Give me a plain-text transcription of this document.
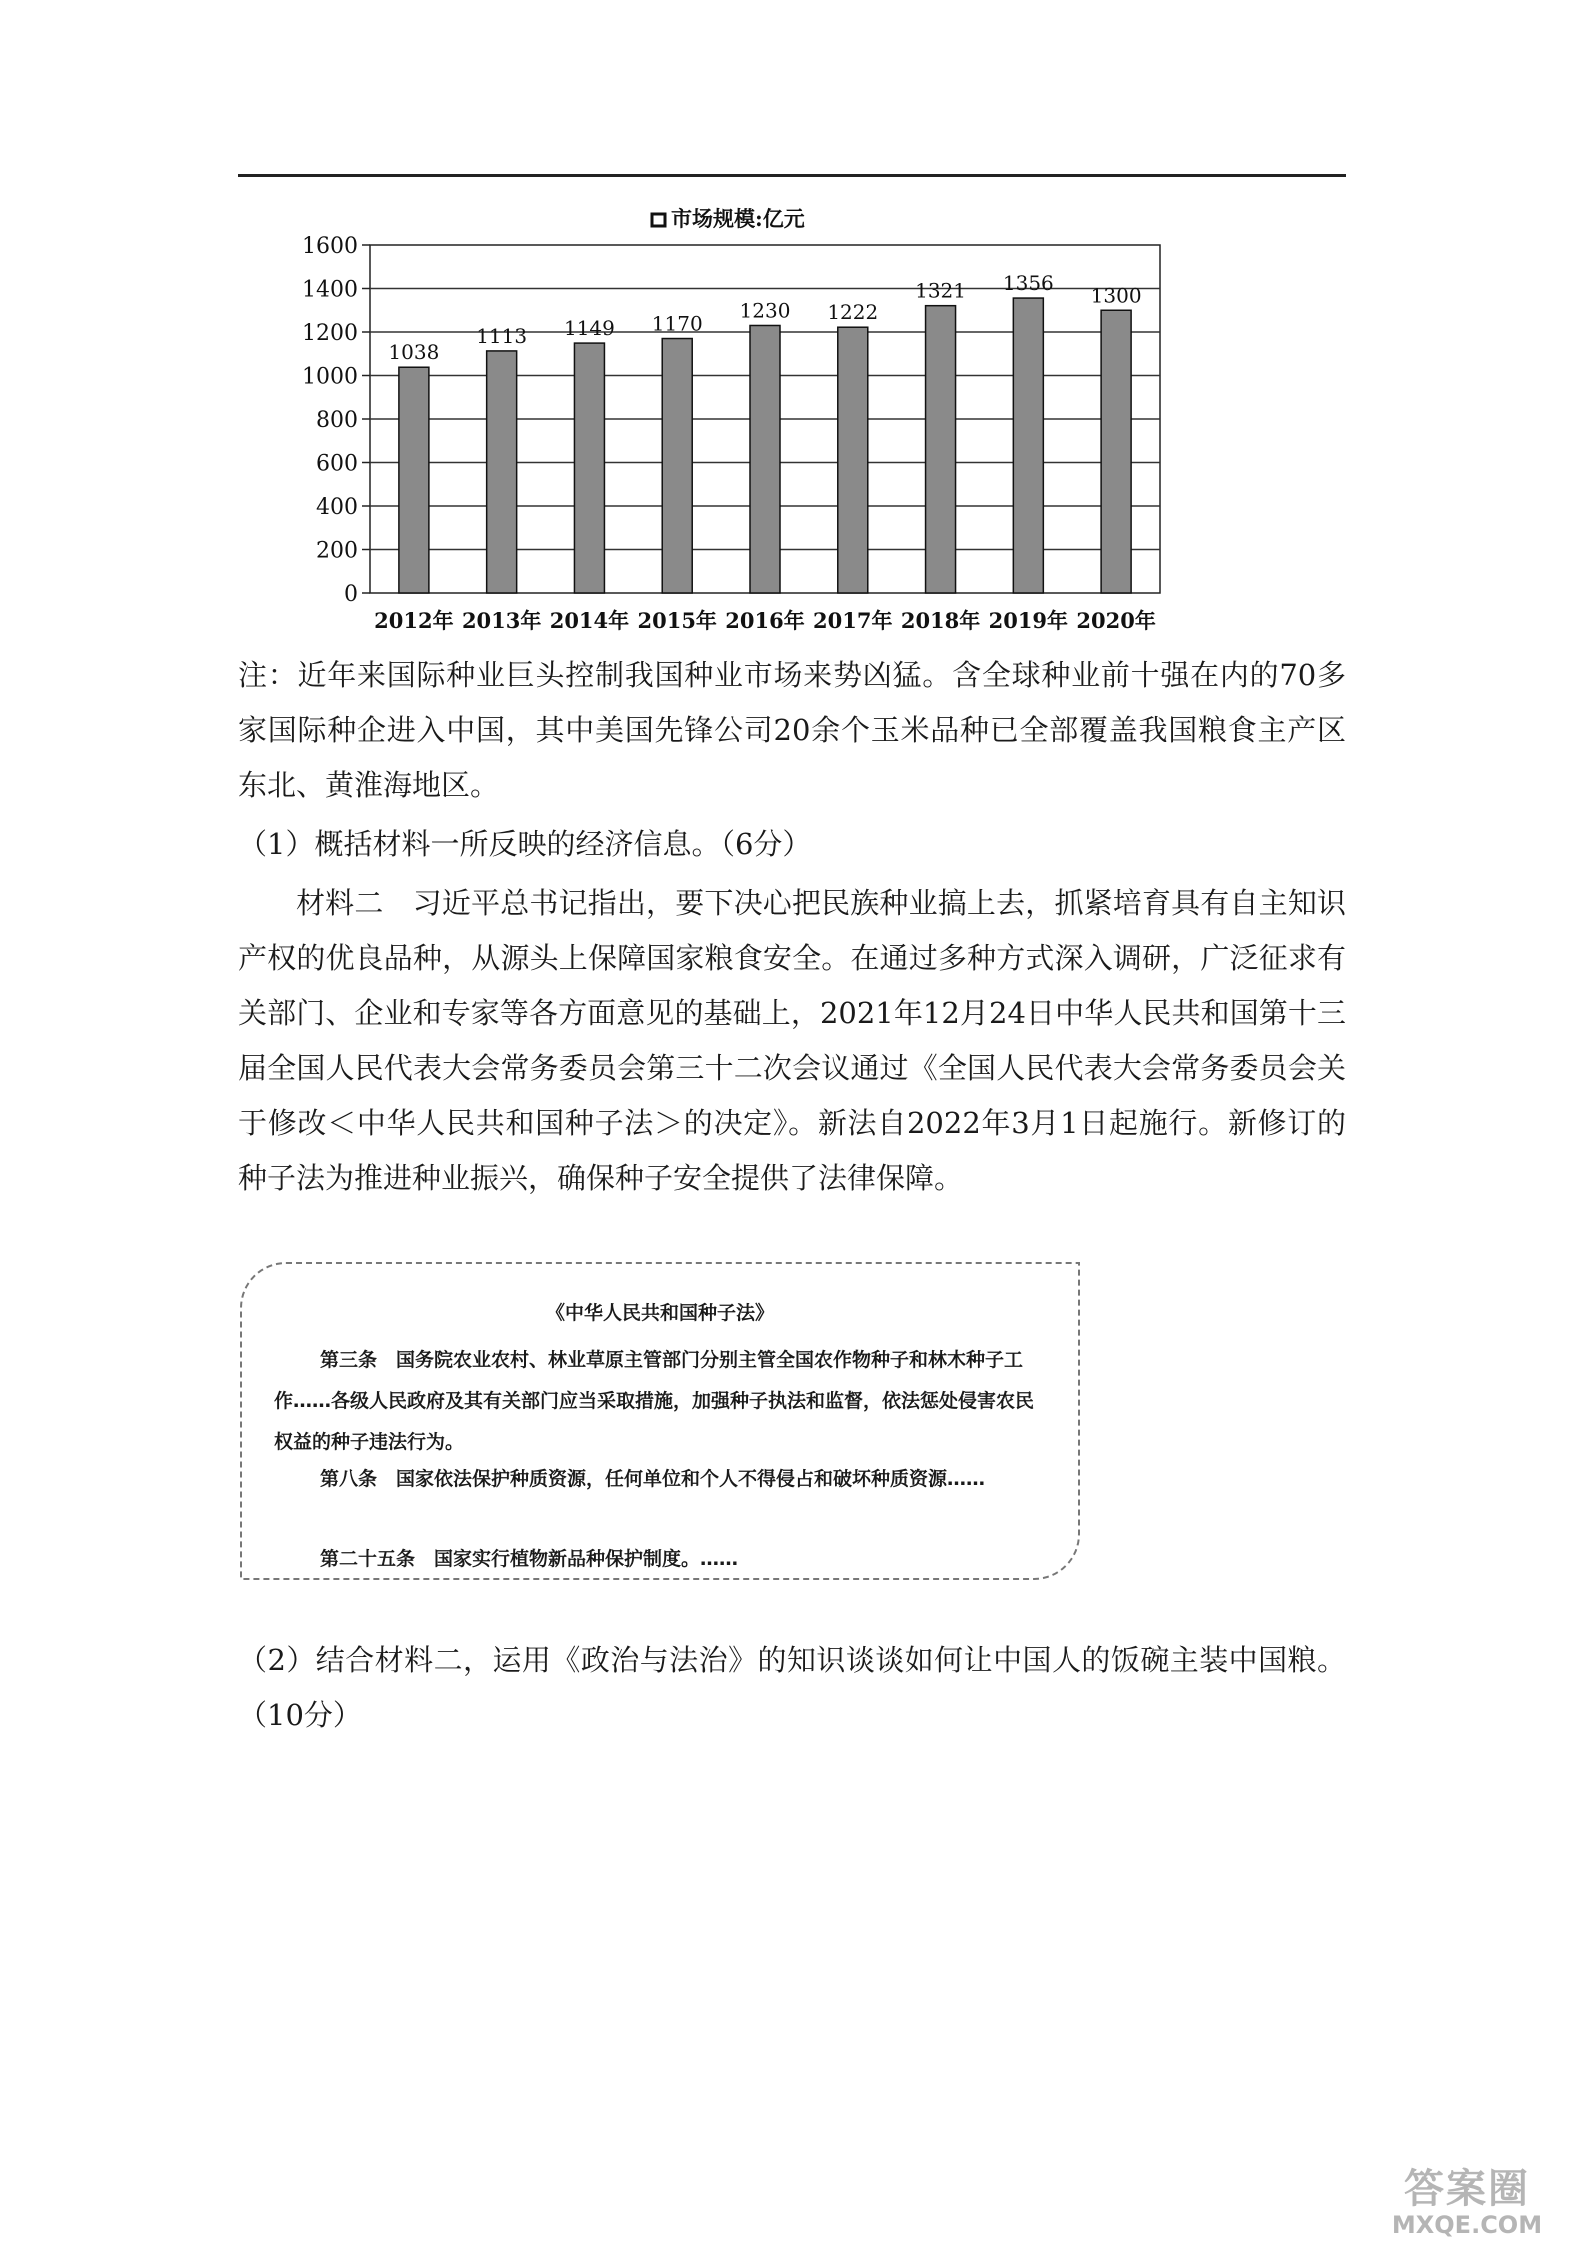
0
200
400
600
800
1000
1200
1400
1600
1038
1113 1149 1170
1230 1222
1321 1356
1300
2012年 2013年 2014年 2015年 2016年 2017年 2018年 2019年 2020年
市场规模:亿元

注：近年来国际种业巨头控制我国种业市场来势凶猛。含全球种业前十强在内的70多家国际种企进入中国，其中美国先锋公司20余个玉米品种已全部覆盖我国粮食主产区东北、黄淮海地区。

（1）概括材料一所反映的经济信息。（6分）

材料二　习近平总书记指出，要下决心把民族种业搞上去，抓紧培育具有自主知识产权的优良品种，从源头上保障国家粮食安全。在通过多种方式深入调研，广泛征求有关部门、企业和专家等各方面意见的基础上，2021年12月24日中华人民共和国第十三届全国人民代表大会常务委员会第三十二次会议通过《全国人民代表大会常务委员会关于修改＜中华人民共和国种子法＞的决定》。新法自2022年3月1日起施行。新修订的种子法为推进种业振兴，确保种子安全提供了法律保障。

《中华人民共和国种子法》

第三条　国务院农业农村、林业草原主管部门分别主管全国农作物种子和林木种子工作……各级人民政府及其有关部门应当采取措施，加强种子执法和监督，依法惩处侵害农民权益的种子违法行为。

第八条　国家依法保护种质资源，任何单位和个人不得侵占和破坏种质资源……

第二十五条　国家实行植物新品种保护制度。……

（2）结合材料二，运用《政治与法治》的知识谈谈如何让中国人的饭碗主装中国粮。（10分）

答案圈
MXQE.COM
